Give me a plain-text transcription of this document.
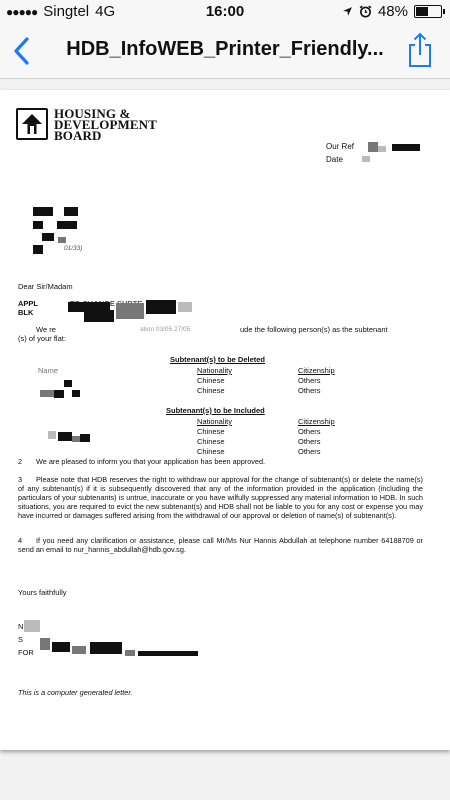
●●●●● Singtel 4G	16:00	48%
HDB_InfoWEB_Printer_Friendly...
HOUSING &
DEVELOPMENT
BOARD
Our Ref
Date
01/33)
Dear Sir/Madam
APPL
BLK
We re	ation 03/05 27/05	ude the following person(s) as the subtenant
(s) of your flat:
Subtenant(s) to be Deleted
Name	Nationality	Citizenship
Chinese	Others
Chinese	Others
Subtenant(s) to be Included
Nationality	Citizenship
Chinese	Others
Chinese	Others
Chinese	Others
2 We are pleased to inform you that your application has been approved.
3 Please note that HDB reserves the right to withdraw our approval for the change of subtenant(s) or delete the name(s) of any subtenant(s) if it is subsequently discovered that any of the information provided in the application (including the particulars of your subtenants) is untrue, inaccurate or you have wilfully suppressed any material information to HDB. In such situations, you are required to evict the new subtenant(s) and HDB shall not be liable to you for any cost or expense you may have incurred or damages suffered arising from the withdrawal of our approval or deletion of name(s) of subtenant(s).
4 If you need any clarification or assistance, please call Mr/Ms Nur Hannis Abdullah at telephone number 64188709 or send an email to nur_hannis_abdullah@hdb.gov.sg.
Yours faithfully
N
S
FOR
This is a computer generated letter.
